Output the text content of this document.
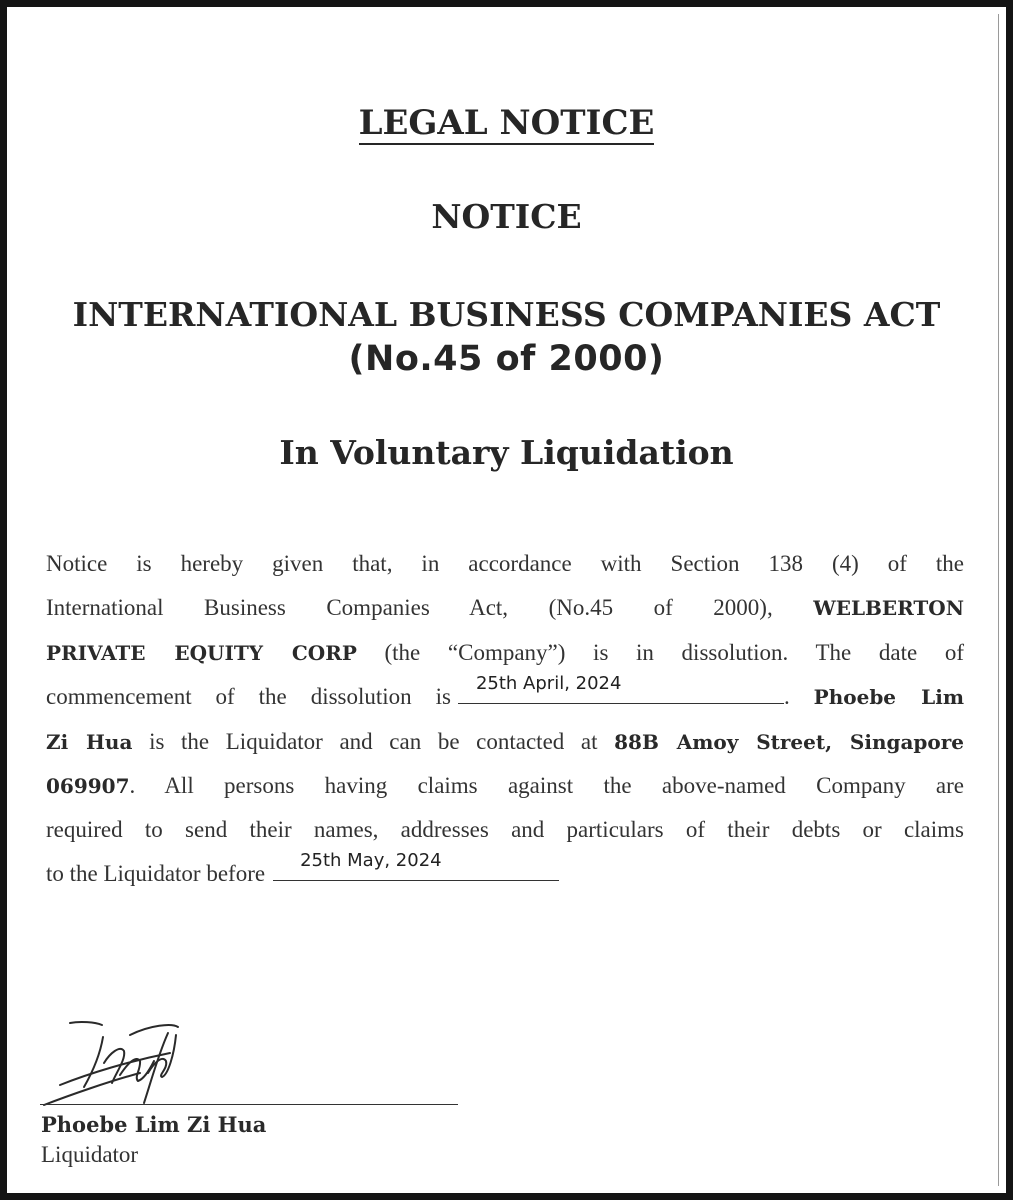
LEGAL NOTICE
NOTICE
INTERNATIONAL BUSINESS COMPANIES ACT
(No.45 of 2000)
In Voluntary Liquidation
Notice is hereby given that, in accordance with Section 138 (4) of the
International Business Companies Act, (No.45 of 2000), WELBERTON
PRIVATE EQUITY CORP (the “Company”) is in dissolution. The date of
commencement of the dissolution is
25th April, 2024
. Phoebe Lim
Zi Hua is the Liquidator and can be contacted at 88B Amoy Street, Singapore
069907. All persons having claims against the above-named Company are
required to send their names, addresses and particulars of their debts or claims
to the Liquidator before
25th May, 2024
Phoebe Lim Zi Hua
Liquidator
